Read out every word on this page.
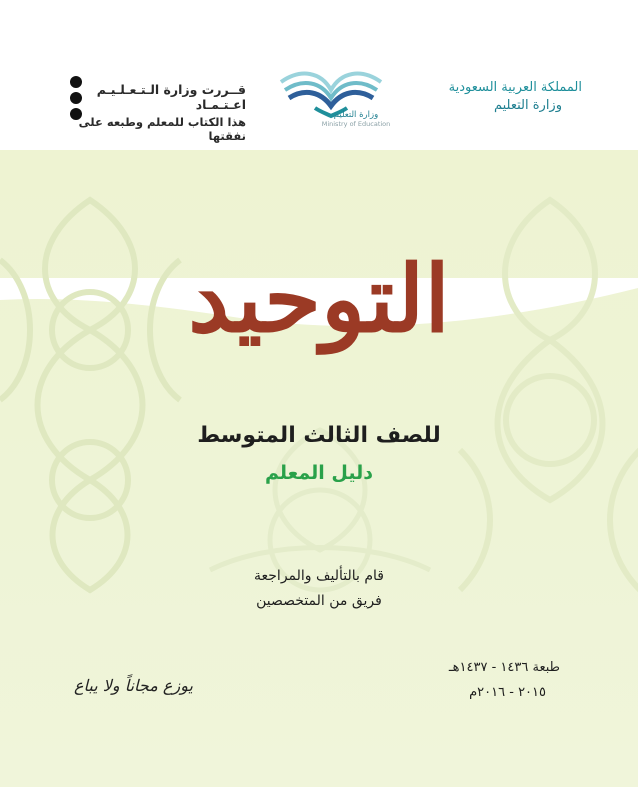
قــررت وزارة الـتـعـلـيـم اعـتـمـاد
هذا الكتاب للمعلم وطبعه على نفقتها
وزارة التعليم
Ministry of Education
المملكة العربية السعودية
وزارة التعليم
التوحيد
للصف الثالث المتوسط
دليل المعلم
قام بالتأليف والمراجعة
فريق من المتخصصين
طبعة ١٤٣٦ - ١٤٣٧هـ
٢٠١٥ - ٢٠١٦م
يوزع مجاناً ولا يباع
